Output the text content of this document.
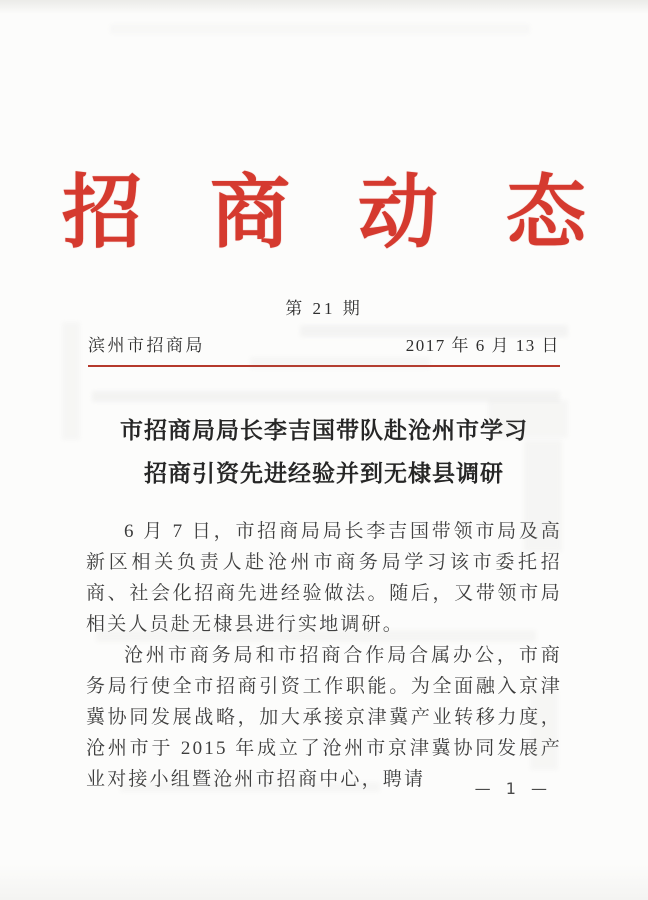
招 商 动 态
第 21 期
滨州市招商局	2017 年 6 月 13 日
市招商局局长李吉国带队赴沧州市学习
招商引资先进经验并到无棣县调研

6 月 7 日，市招商局局长李吉国带领市局及高新区相关负责人赴沧州市商务局学习该市委托招商、社会化招商先进经验做法。随后，又带领市局相关人员赴无棣县进行实地调研。

沧州市商务局和市招商合作局合属办公，市商务局行使全市招商引资工作职能。为全面融入京津冀协同发展战略，加大承接京津冀产业转移力度，沧州市于 2015 年成立了沧州市京津冀协同发展产业对接小组暨沧州市招商中心，聘请	— 1 —
